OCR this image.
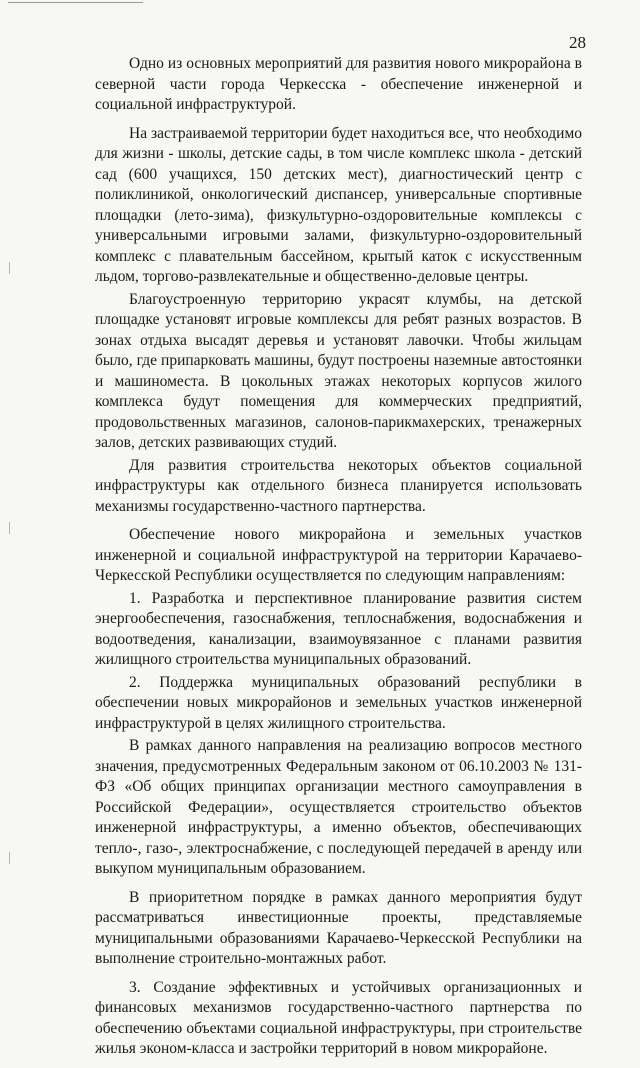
28

Одно из основных мероприятий для развития нового микрорайона в северной части города Черкесска - обеспечение инженерной и социальной инфраструктурой.

На застраиваемой территории будет находиться все, что необходимо для жизни - школы, детские сады, в том числе комплекс школа - детский сад (600 учащихся, 150 детских мест), диагностический центр с поликлиникой, онкологический диспансер, универсальные спортивные площадки (лето-зима), физкультурно-оздоровительные комплексы с универсальными игровыми залами, физкультурно-оздоровительный комплекс с плавательным бассейном, крытый каток с искусственным льдом, торгово-развлекательные и общественно-деловые центры.

Благоустроенную территорию украсят клумбы, на детской площадке установят игровые комплексы для ребят разных возрастов. В зонах отдыха высадят деревья и установят лавочки. Чтобы жильцам было, где припарковать машины, будут построены наземные автостоянки и машиноместа. В цокольных этажах некоторых корпусов жилого комплекса будут помещения для коммерческих предприятий, продовольственных магазинов, салонов-парикмахерских, тренажерных залов, детских развивающих студий.

Для развития строительства некоторых объектов социальной инфраструктуры как отдельного бизнеса планируется использовать механизмы государственно-частного партнерства.

Обеспечение нового микрорайона и земельных участков инженерной и социальной инфраструктурой на территории Карачаево-Черкесской Республики осуществляется по следующим направлениям:

1. Разработка и перспективное планирование развития систем энергообеспечения, газоснабжения, теплоснабжения, водоснабжения и водоотведения, канализации, взаимоувязанное с планами развития жилищного строительства муниципальных образований.

2. Поддержка муниципальных образований республики в обеспечении новых микрорайонов и земельных участков инженерной инфраструктурой в целях жилищного строительства.

В рамках данного направления на реализацию вопросов местного значения, предусмотренных Федеральным законом от 06.10.2003 № 131-ФЗ «Об общих принципах организации местного самоуправления в Российской Федерации», осуществляется строительство объектов инженерной инфраструктуры, а именно объектов, обеспечивающих тепло-, газо-, электроснабжение, с последующей передачей в аренду или выкупом муниципальным образованием.

В приоритетном порядке в рамках данного мероприятия будут рассматриваться инвестиционные проекты, представляемые муниципальными образованиями Карачаево-Черкесской Республики на выполнение строительно-монтажных работ.

3. Создание эффективных и устойчивых организационных и финансовых механизмов государственно-частного партнерства по обеспечению объектами социальной инфраструктуры, при строительстве жилья эконом-класса и застройки территорий в новом микрорайоне.
